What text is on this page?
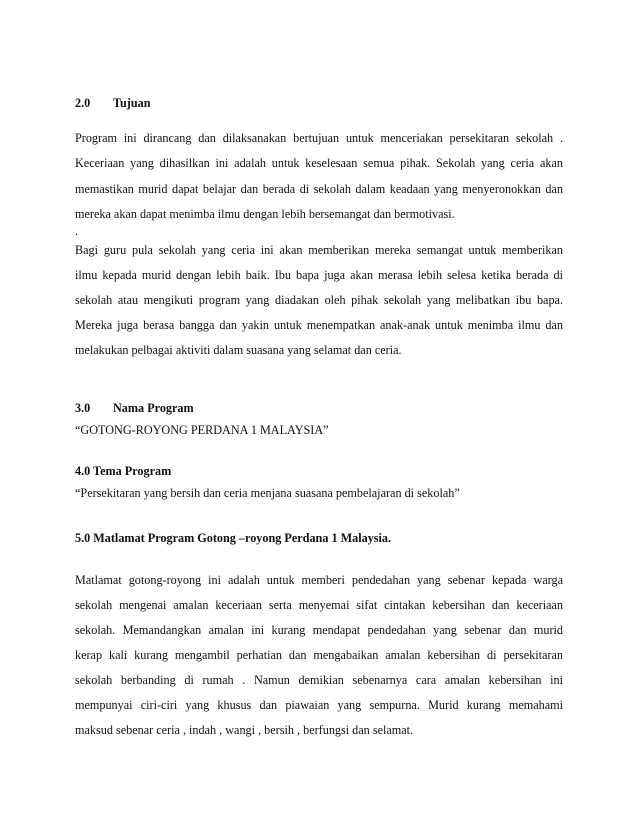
2.0 Tujuan
Program ini dirancang dan dilaksanakan bertujuan untuk menceriakan persekitaran sekolah .
Keceriaan yang dihasilkan ini adalah untuk keselesaan semua pihak. Sekolah yang ceria akan
memastikan murid dapat belajar dan berada di sekolah dalam keadaan yang menyeronokkan dan
mereka akan dapat menimba ilmu dengan lebih bersemangat dan bermotivasi.
.
Bagi guru pula sekolah yang ceria ini akan memberikan mereka semangat untuk memberikan
ilmu kepada murid dengan lebih baik. Ibu bapa juga akan merasa lebih selesa ketika berada di
sekolah atau mengikuti program yang diadakan oleh pihak sekolah yang melibatkan ibu bapa.
Mereka juga berasa bangga dan yakin untuk menempatkan anak-anak untuk menimba ilmu dan
melakukan pelbagai aktiviti dalam suasana yang selamat dan ceria.
3.0 Nama Program
“GOTONG-ROYONG PERDANA 1 MALAYSIA”
4.0 Tema Program
“Persekitaran yang bersih dan ceria menjana suasana pembelajaran di sekolah”
5.0 Matlamat Program Gotong –royong Perdana 1 Malaysia.
Matlamat gotong-royong ini adalah untuk memberi pendedahan yang sebenar kepada warga
sekolah mengenai amalan keceriaan serta menyemai sifat cintakan kebersihan dan keceriaan
sekolah. Memandangkan amalan ini kurang mendapat pendedahan yang sebenar dan murid
kerap kali kurang mengambil perhatian dan mengabaikan amalan kebersihan di persekitaran
sekolah berbanding di rumah . Namun demikian sebenarnya cara amalan kebersihan ini
mempunyai ciri-ciri yang khusus dan piawaian yang sempurna. Murid kurang memahami
maksud sebenar ceria , indah , wangi , bersih , berfungsi dan selamat.
